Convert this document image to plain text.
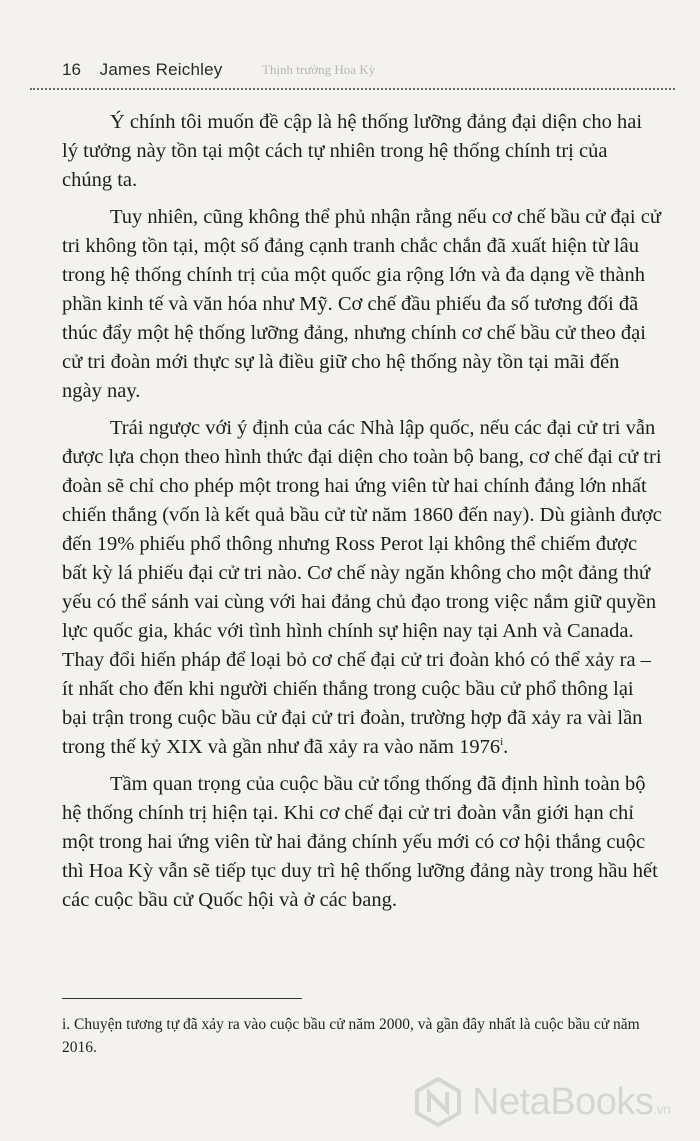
16 James Reichley	Thịnh trường Hoa Kỳ

Ý chính tôi muốn đề cập là hệ thống lưỡng đảng đại diện cho hai lý tưởng này tồn tại một cách tự nhiên trong hệ thống chính trị của chúng ta.

Tuy nhiên, cũng không thể phủ nhận rằng nếu cơ chế bầu cử đại cử tri không tồn tại, một số đảng cạnh tranh chắc chắn đã xuất hiện từ lâu trong hệ thống chính trị của một quốc gia rộng lớn và đa dạng về thành phần kinh tế và văn hóa như Mỹ. Cơ chế đầu phiếu đa số tương đối đã thúc đẩy một hệ thống lưỡng đảng, nhưng chính cơ chế bầu cử theo đại cử tri đoàn mới thực sự là điều giữ cho hệ thống này tồn tại mãi đến ngày nay.

Trái ngược với ý định của các Nhà lập quốc, nếu các đại cử tri vẫn được lựa chọn theo hình thức đại diện cho toàn bộ bang, cơ chế đại cử tri đoàn sẽ chỉ cho phép một trong hai ứng viên từ hai chính đảng lớn nhất chiến thắng (vốn là kết quả bầu cử từ năm 1860 đến nay). Dù giành được đến 19% phiếu phổ thông nhưng Ross Perot lại không thể chiếm được bất kỳ lá phiếu đại cử tri nào. Cơ chế này ngăn không cho một đảng thứ yếu có thể sánh vai cùng với hai đảng chủ đạo trong việc nắm giữ quyền lực quốc gia, khác với tình hình chính sự hiện nay tại Anh và Canada. Thay đổi hiến pháp để loại bỏ cơ chế đại cử tri đoàn khó có thể xảy ra – ít nhất cho đến khi người chiến thắng trong cuộc bầu cử phổ thông lại bại trận trong cuộc bầu cử đại cử tri đoàn, trường hợp đã xảy ra vài lần trong thế kỷ XIX và gần như đã xảy ra vào năm 1976$^i$.

Tầm quan trọng của cuộc bầu cử tổng thống đã định hình toàn bộ hệ thống chính trị hiện tại. Khi cơ chế đại cử tri đoàn vẫn giới hạn chỉ một trong hai ứng viên từ hai đảng chính yếu mới có cơ hội thắng cuộc thì Hoa Kỳ vẫn sẽ tiếp tục duy trì hệ thống lưỡng đảng này trong hầu hết các cuộc bầu cử Quốc hội và ở các bang.

i. Chuyện tương tự đã xảy ra vào cuộc bầu cử năm 2000, và gần đây nhất là cuộc bầu cử năm 2016.
NetaBooks.vn
